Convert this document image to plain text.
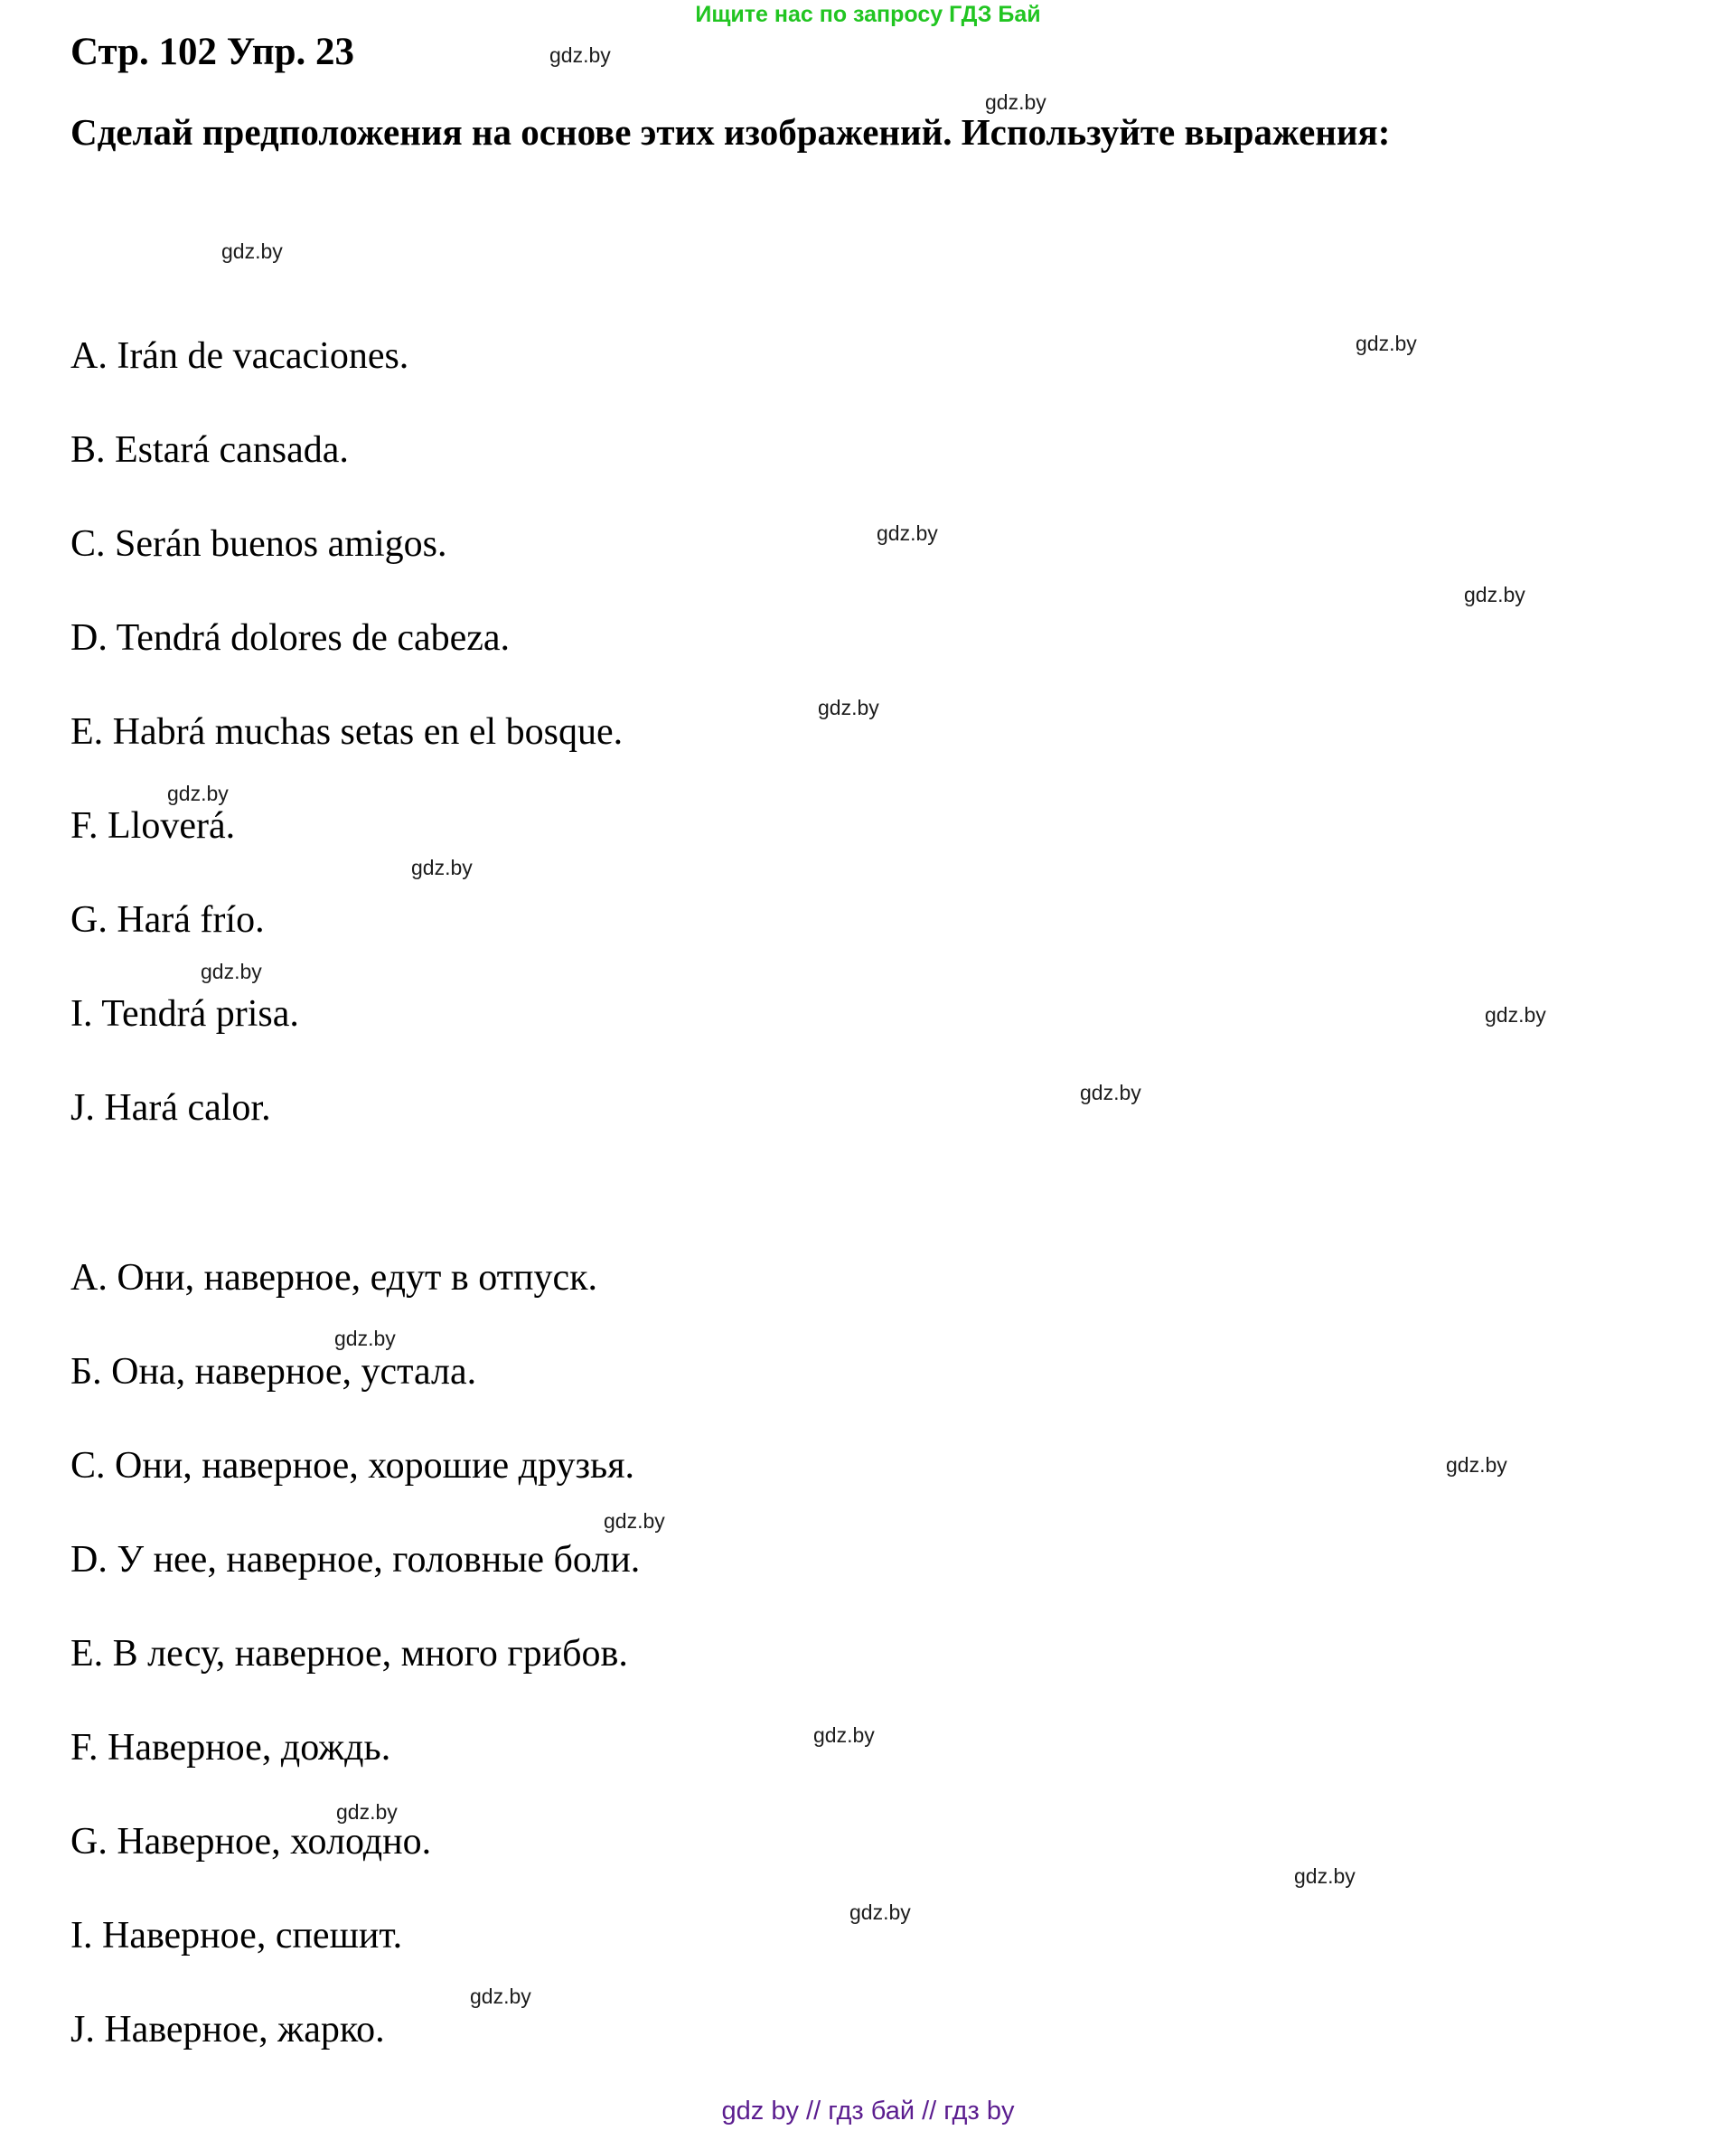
Ищите нас по запросу ГДЗ Бай
Стр. 102 Упр. 23
Сделай предположения на основе этих изображений. Используйте выражения:
A. Irán de vacaciones.
B. Estará cansada.
C. Serán buenos amigos.
D. Tendrá dolores de cabeza.
E. Habrá muchas setas en el bosque.
F. Lloverá.
G. Hará frío.
I. Tendrá prisa.
J. Hará calor.
А. Они, наверное, едут в отпуск.
Б. Она, наверное, устала.
С. Они, наверное, хорошие друзья.
D. У нее, наверное, головные боли.
E. В лесу, наверное, много грибов.
F. Наверное, дождь.
G. Наверное, холодно.
I. Наверное, спешит.
J. Наверное, жарко.
gdz.by
gdz.by
gdz.by
gdz.by
gdz.by
gdz.by
gdz.by
gdz.by
gdz.by
gdz.by
gdz.by
gdz.by
gdz.by
gdz.by
gdz.by
gdz.by
gdz.by
gdz.by
gdz.by
gdz.by
gdz by // гдз бай // гдз by
